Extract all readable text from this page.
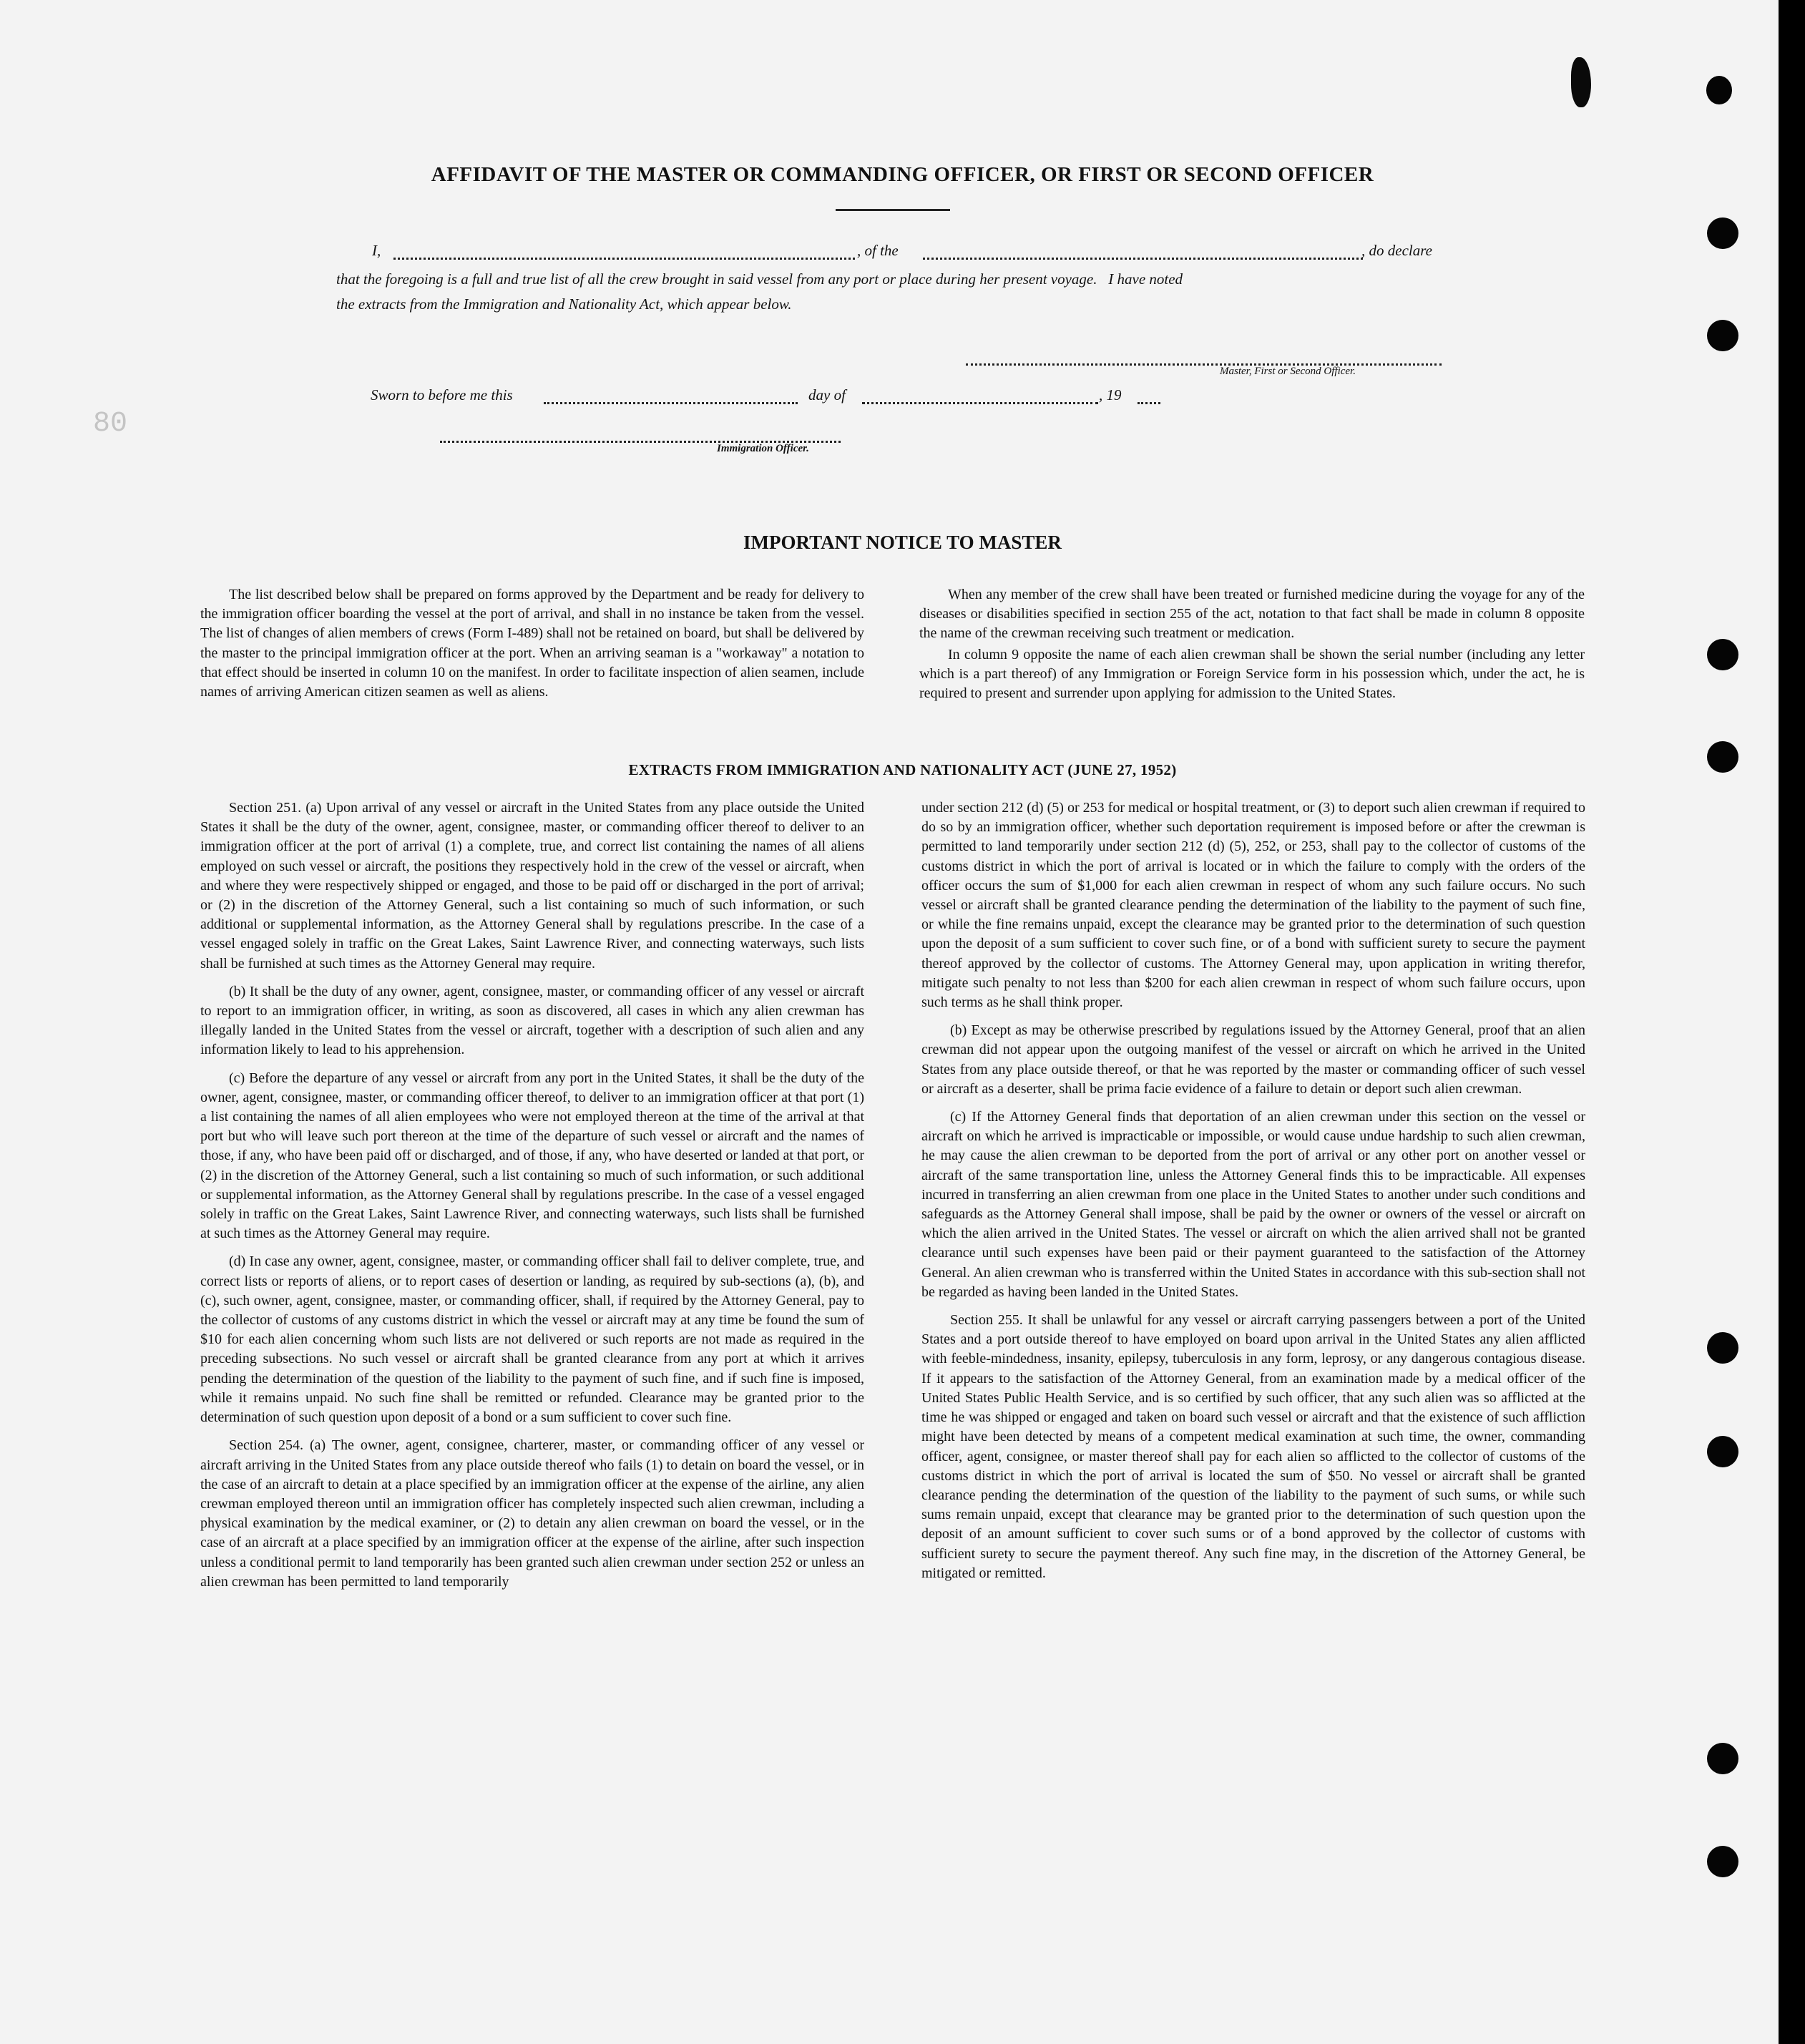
80

AFFIDAVIT OF THE MASTER OR COMMANDING OFFICER, OR FIRST OR SECOND OFFICER
I,	, of the	, do declare
that the foregoing is a full and true list of all the crew brought in said vessel from any port or place during her present voyage.   I have noted
the extracts from the Immigration and Nationality Act, which appear below.
Master, First or Second Officer.
Sworn to before me this	day of	, 19
Immigration Officer.
IMPORTANT NOTICE TO MASTER

The list described below shall be prepared on forms approved by the Department and be ready for delivery to the immigration officer boarding the vessel at the port of arrival, and shall in no instance be taken from the vessel. The list of changes of alien members of crews (Form I-489) shall not be retained on board, but shall be delivered by the master to the principal immigration officer at the port. When an arriving seaman is a "workaway" a notation to that effect should be inserted in column 10 on the manifest. In order to facilitate inspection of alien seamen, include names of arriving American citizen seamen as well as aliens.

When any member of the crew shall have been treated or furnished medicine during the voyage for any of the diseases or disabilities specified in section 255 of the act, notation to that fact shall be made in column 8 opposite the name of the crewman receiving such treatment or medication.

In column 9 opposite the name of each alien crewman shall be shown the serial number (including any letter which is a part thereof) of any Immigration or Foreign Service form in his possession which, under the act, he is required to present and surrender upon applying for admission to the United States.

EXTRACTS FROM IMMIGRATION AND NATIONALITY ACT (JUNE 27, 1952)

Section 251. (a) Upon arrival of any vessel or aircraft in the United States from any place outside the United States it shall be the duty of the owner, agent, consignee, master, or commanding officer thereof to deliver to an immigration officer at the port of arrival (1) a complete, true, and correct list containing the names of all aliens employed on such vessel or aircraft, the positions they respectively hold in the crew of the vessel or aircraft, when and where they were respectively shipped or engaged, and those to be paid off or discharged in the port of arrival; or (2) in the discretion of the Attorney General, such a list containing so much of such information, or such additional or supplemental information, as the Attorney General shall by regulations prescribe. In the case of a vessel engaged solely in traffic on the Great Lakes, Saint Lawrence River, and connecting waterways, such lists shall be furnished at such times as the Attorney General may require.

(b) It shall be the duty of any owner, agent, consignee, master, or commanding officer of any vessel or aircraft to report to an immigration officer, in writing, as soon as discovered, all cases in which any alien crewman has illegally landed in the United States from the vessel or aircraft, together with a description of such alien and any information likely to lead to his apprehension.

(c) Before the departure of any vessel or aircraft from any port in the United States, it shall be the duty of the owner, agent, consignee, master, or commanding officer thereof, to deliver to an immigration officer at that port (1) a list containing the names of all alien employees who were not employed thereon at the time of the arrival at that port but who will leave such port thereon at the time of the departure of such vessel or aircraft and the names of those, if any, who have been paid off or discharged, and of those, if any, who have deserted or landed at that port, or (2) in the discretion of the Attorney General, such a list containing so much of such information, or such additional or supplemental information, as the Attorney General shall by regulations prescribe. In the case of a vessel engaged solely in traffic on the Great Lakes, Saint Lawrence River, and connecting waterways, such lists shall be furnished at such times as the Attorney General may require.

(d) In case any owner, agent, consignee, master, or commanding officer shall fail to deliver complete, true, and correct lists or reports of aliens, or to report cases of desertion or landing, as required by sub-sections (a), (b), and (c), such owner, agent, consignee, master, or commanding officer, shall, if required by the Attorney General, pay to the collector of customs of any customs district in which the vessel or aircraft may at any time be found the sum of $10 for each alien concerning whom such lists are not delivered or such reports are not made as required in the preceding subsections. No such vessel or aircraft shall be granted clearance from any port at which it arrives pending the determination of the question of the liability to the payment of such fine, and if such fine is imposed, while it remains unpaid. No such fine shall be remitted or refunded. Clearance may be granted prior to the determination of such question upon deposit of a bond or a sum sufficient to cover such fine.

Section 254. (a) The owner, agent, consignee, charterer, master, or commanding officer of any vessel or aircraft arriving in the United States from any place outside thereof who fails (1) to detain on board the vessel, or in the case of an aircraft to detain at a place specified by an immigration officer at the expense of the airline, any alien crewman employed thereon until an immigration officer has completely inspected such alien crewman, including a physical examination by the medical examiner, or (2) to detain any alien crewman on board the vessel, or in the case of an aircraft at a place specified by an immigration officer at the expense of the airline, after such inspection unless a conditional permit to land temporarily has been granted such alien crewman under section 252 or unless an alien crewman has been permitted to land temporarily

under section 212 (d) (5) or 253 for medical or hospital treatment, or (3) to deport such alien crewman if required to do so by an immigration officer, whether such deportation requirement is imposed before or after the crewman is permitted to land temporarily under section 212 (d) (5), 252, or 253, shall pay to the collector of customs of the customs district in which the port of arrival is located or in which the failure to comply with the orders of the officer occurs the sum of $1,000 for each alien crewman in respect of whom any such failure occurs. No such vessel or aircraft shall be granted clearance pending the determination of the liability to the payment of such fine, or while the fine remains unpaid, except the clearance may be granted prior to the determination of such question upon the deposit of a sum sufficient to cover such fine, or of a bond with sufficient surety to secure the payment thereof approved by the collector of customs. The Attorney General may, upon application in writing therefor, mitigate such penalty to not less than $200 for each alien crewman in respect of whom such failure occurs, upon such terms as he shall think proper.

(b) Except as may be otherwise prescribed by regulations issued by the Attorney General, proof that an alien crewman did not appear upon the outgoing manifest of the vessel or aircraft on which he arrived in the United States from any place outside thereof, or that he was reported by the master or commanding officer of such vessel or aircraft as a deserter, shall be prima facie evidence of a failure to detain or deport such alien crewman.

(c) If the Attorney General finds that deportation of an alien crewman under this section on the vessel or aircraft on which he arrived is impracticable or impossible, or would cause undue hardship to such alien crewman, he may cause the alien crewman to be deported from the port of arrival or any other port on another vessel or aircraft of the same transportation line, unless the Attorney General finds this to be impracticable. All expenses incurred in transferring an alien crewman from one place in the United States to another under such conditions and safeguards as the Attorney General shall impose, shall be paid by the owner or owners of the vessel or aircraft on which the alien arrived in the United States. The vessel or aircraft on which the alien arrived shall not be granted clearance until such expenses have been paid or their payment guaranteed to the satisfaction of the Attorney General. An alien crewman who is transferred within the United States in accordance with this sub-section shall not be regarded as having been landed in the United States.

Section 255. It shall be unlawful for any vessel or aircraft carrying passengers between a port of the United States and a port outside thereof to have employed on board upon arrival in the United States any alien afflicted with feeble-mindedness, insanity, epilepsy, tuberculosis in any form, leprosy, or any dangerous contagious disease. If it appears to the satisfaction of the Attorney General, from an examination made by a medical officer of the United States Public Health Service, and is so certified by such officer, that any such alien was so afflicted at the time he was shipped or engaged and taken on board such vessel or aircraft and that the existence of such affliction might have been detected by means of a competent medical examination at such time, the owner, commanding officer, agent, consignee, or master thereof shall pay for each alien so afflicted to the collector of customs of the customs district in which the port of arrival is located the sum of $50. No vessel or aircraft shall be granted clearance pending the determination of the question of the liability to the payment of such sums, or while such sums remain unpaid, except that clearance may be granted prior to the determination of such question upon the deposit of an amount sufficient to cover such sums or of a bond approved by the collector of customs with sufficient surety to secure the payment thereof. Any such fine may, in the discretion of the Attorney General, be mitigated or remitted.
